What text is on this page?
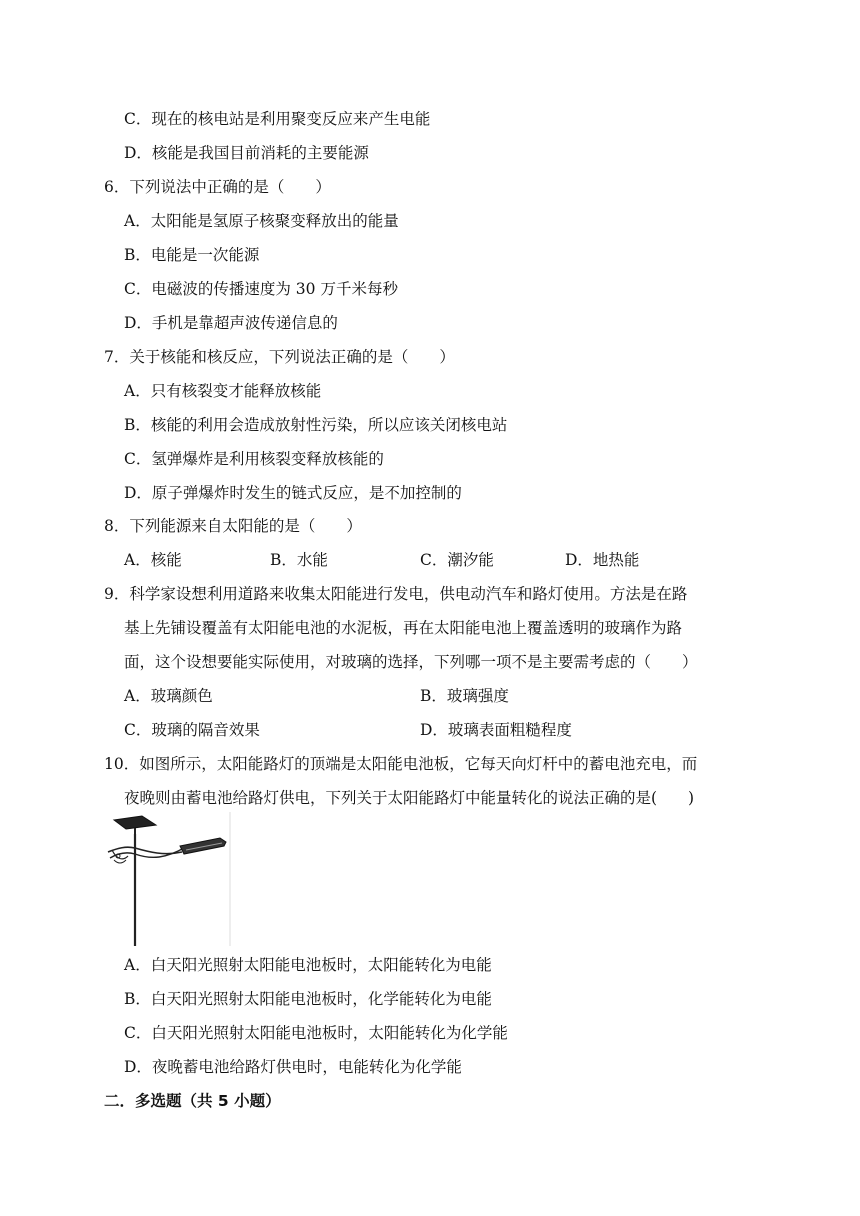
C．现在的核电站是利用聚变反应来产生电能
D．核能是我国目前消耗的主要能源
6．下列说法中正确的是（　　）
A．太阳能是氢原子核聚变释放出的能量
B．电能是一次能源
C．电磁波的传播速度为 30 万千米每秒
D．手机是靠超声波传递信息的
7．关于核能和核反应，下列说法正确的是（　　）
A．只有核裂变才能释放核能
B．核能的利用会造成放射性污染，所以应该关闭核电站
C．氢弹爆炸是利用核裂变释放核能的
D．原子弹爆炸时发生的链式反应，是不加控制的
8．下列能源来自太阳能的是（　　）
A．核能	B．水能	C．潮汐能	D．地热能
9．科学家设想利用道路来收集太阳能进行发电，供电动汽车和路灯使用。方法是在路
基上先铺设覆盖有太阳能电池的水泥板，再在太阳能电池上覆盖透明的玻璃作为路
面，这个设想要能实际使用，对玻璃的选择，下列哪一项不是主要需考虑的（　　）
A．玻璃颜色	B．玻璃强度
C．玻璃的隔音效果	D．玻璃表面粗糙程度
10．如图所示，太阳能路灯的顶端是太阳能电池板，它每天向灯杆中的蓄电池充电，而
夜晚则由蓄电池给路灯供电，下列关于太阳能路灯中能量转化的说法正确的是(　　)
A．白天阳光照射太阳能电池板时，太阳能转化为电能
B．白天阳光照射太阳能电池板时，化学能转化为电能
C．白天阳光照射太阳能电池板时，太阳能转化为化学能
D．夜晚蓄电池给路灯供电时，电能转化为化学能
二．多选题（共 5 小题）
